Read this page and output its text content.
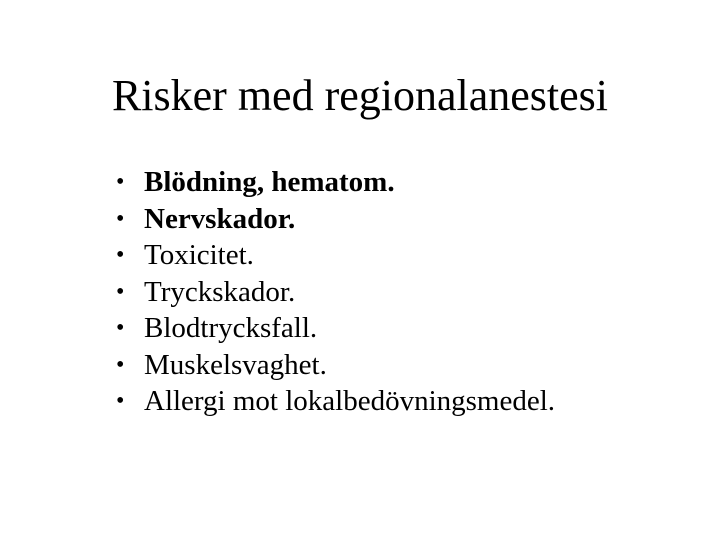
Risker med regionalanestesi
• Blödning, hematom.
• Nervskador.
• Toxicitet.
• Tryckskador.
• Blodtrycksfall.
• Muskelsvaghet.
• Allergi mot lokalbedövningsmedel.
